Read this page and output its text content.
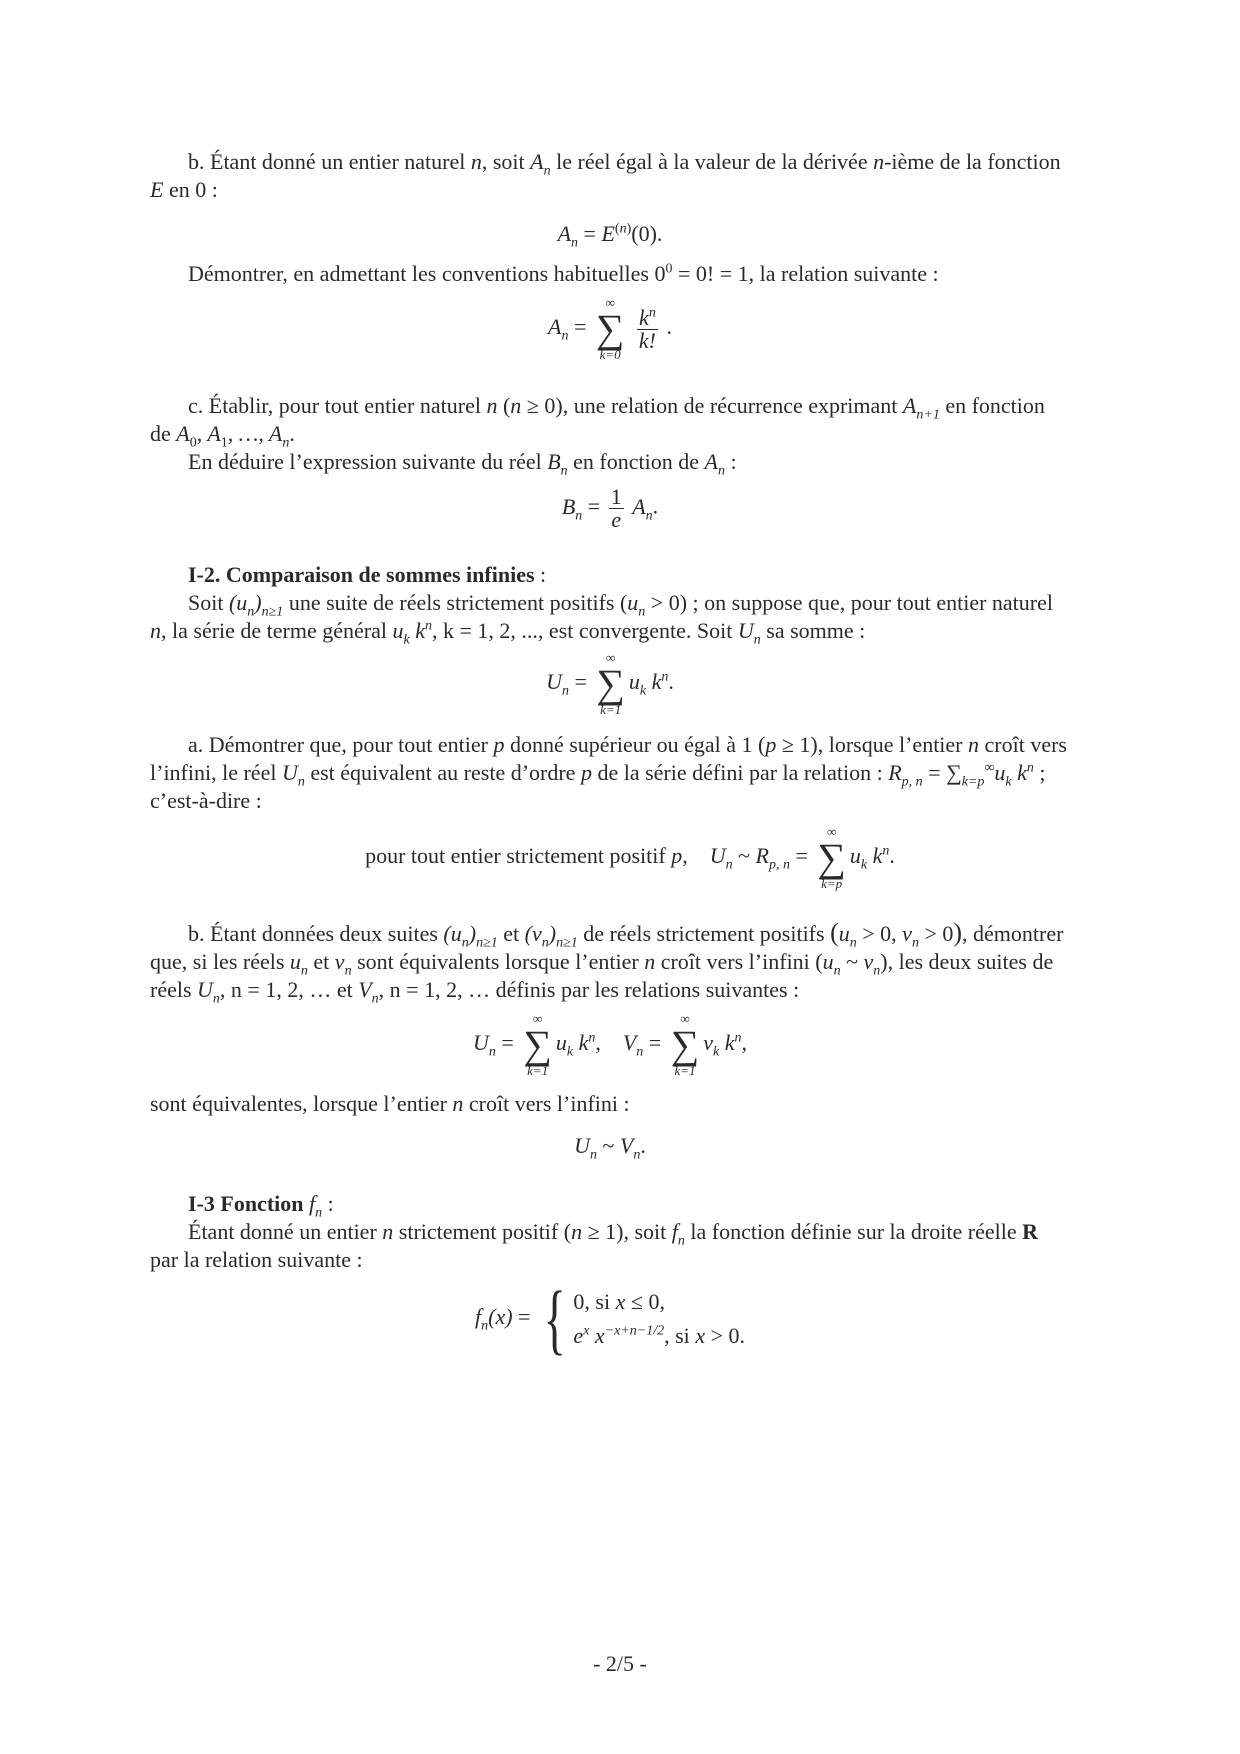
b. Étant donné un entier naturel n, soit $A_n$ le réel égal à la valeur de la dérivée n-ième de la fonction E en 0 :

$A_n = E^{(n)}(0)$.

Démontrer, en admettant les conventions habituelles $0^0 = 0$! = 1, la relation suivante :

$A_n$ =
∞
∑
k=0

$\frac{k^n}{k!}$ .

c. Établir, pour tout entier naturel n (n ≥ 0), une relation de récurrence exprimant $A_{n+1}$ en fonction de $A_0$, $A_1$, …, $A_n$.

En déduire l’expression suivante du réel $B_n$ en fonction de $A_n$ :

$B_n = \frac{1}{e} A_n$.

I-2. Comparaison de sommes infinies :

Soit $(u_n)_{n\ge 1}$ une suite de réels strictement positifs $(u_n > 0)$ ; on suppose que, pour tout entier naturel n, la série de terme général $u_k$ $k^n$, k = 1, 2, ..., est convergente. Soit $U_n$ sa somme :

$U_n$ =
∞
∑
k=1
$u_k$ $k^n$.

a. Démontrer que, pour tout entier p donné supérieur ou égal à 1 (p ≥ 1), lorsque l’entier n croît vers l’infini, le réel $U_n$ est équivalent au reste d’ordre p de la série défini par la relation : $R_{p, n} = \sum_{k=p}^\infty u_k$ $k^n$ ; c’est-à-dire :

pour tout entier strictement positif p,    $U_n$ ~ $R_{p, n}$ =
∞
∑
k=p
$u_k$ $k^n$.

b. Étant données deux suites $(u_n)_{n\ge 1}$ et $(v_n)_{n\ge 1}$ de réels strictement positifs ($u_n > 0$, $v_n > 0$), démontrer que, si les réels $u_n$ et $v_n$ sont équivalents lorsque l’entier n croît vers l’infini ($u_n$ ~ $v_n$), les deux suites de réels $U_n$, n = 1, 2, … et $V_n$, n = 1, 2, … définis par les relations suivantes :

$U_n$ =
∞
∑
k=1
$u_k$ $k^n$,    $V_n$ =
∞
∑
k=1
$v_k$ $k^n$,

sont équivalentes, lorsque l’entier n croît vers l’infini :

$U_n$ ~ $V_n$.

I-3 Fonction $f_n$ :

Étant donné un entier n strictement positif (n ≥ 1), soit $f_n$ la fonction définie sur la droite réelle R par la relation suivante :

$f_n(x)$ = { 0, si x ≤ 0,
$e^x$ $x^{-x+n-1/2}$, si x > 0.

- 2/5 -
